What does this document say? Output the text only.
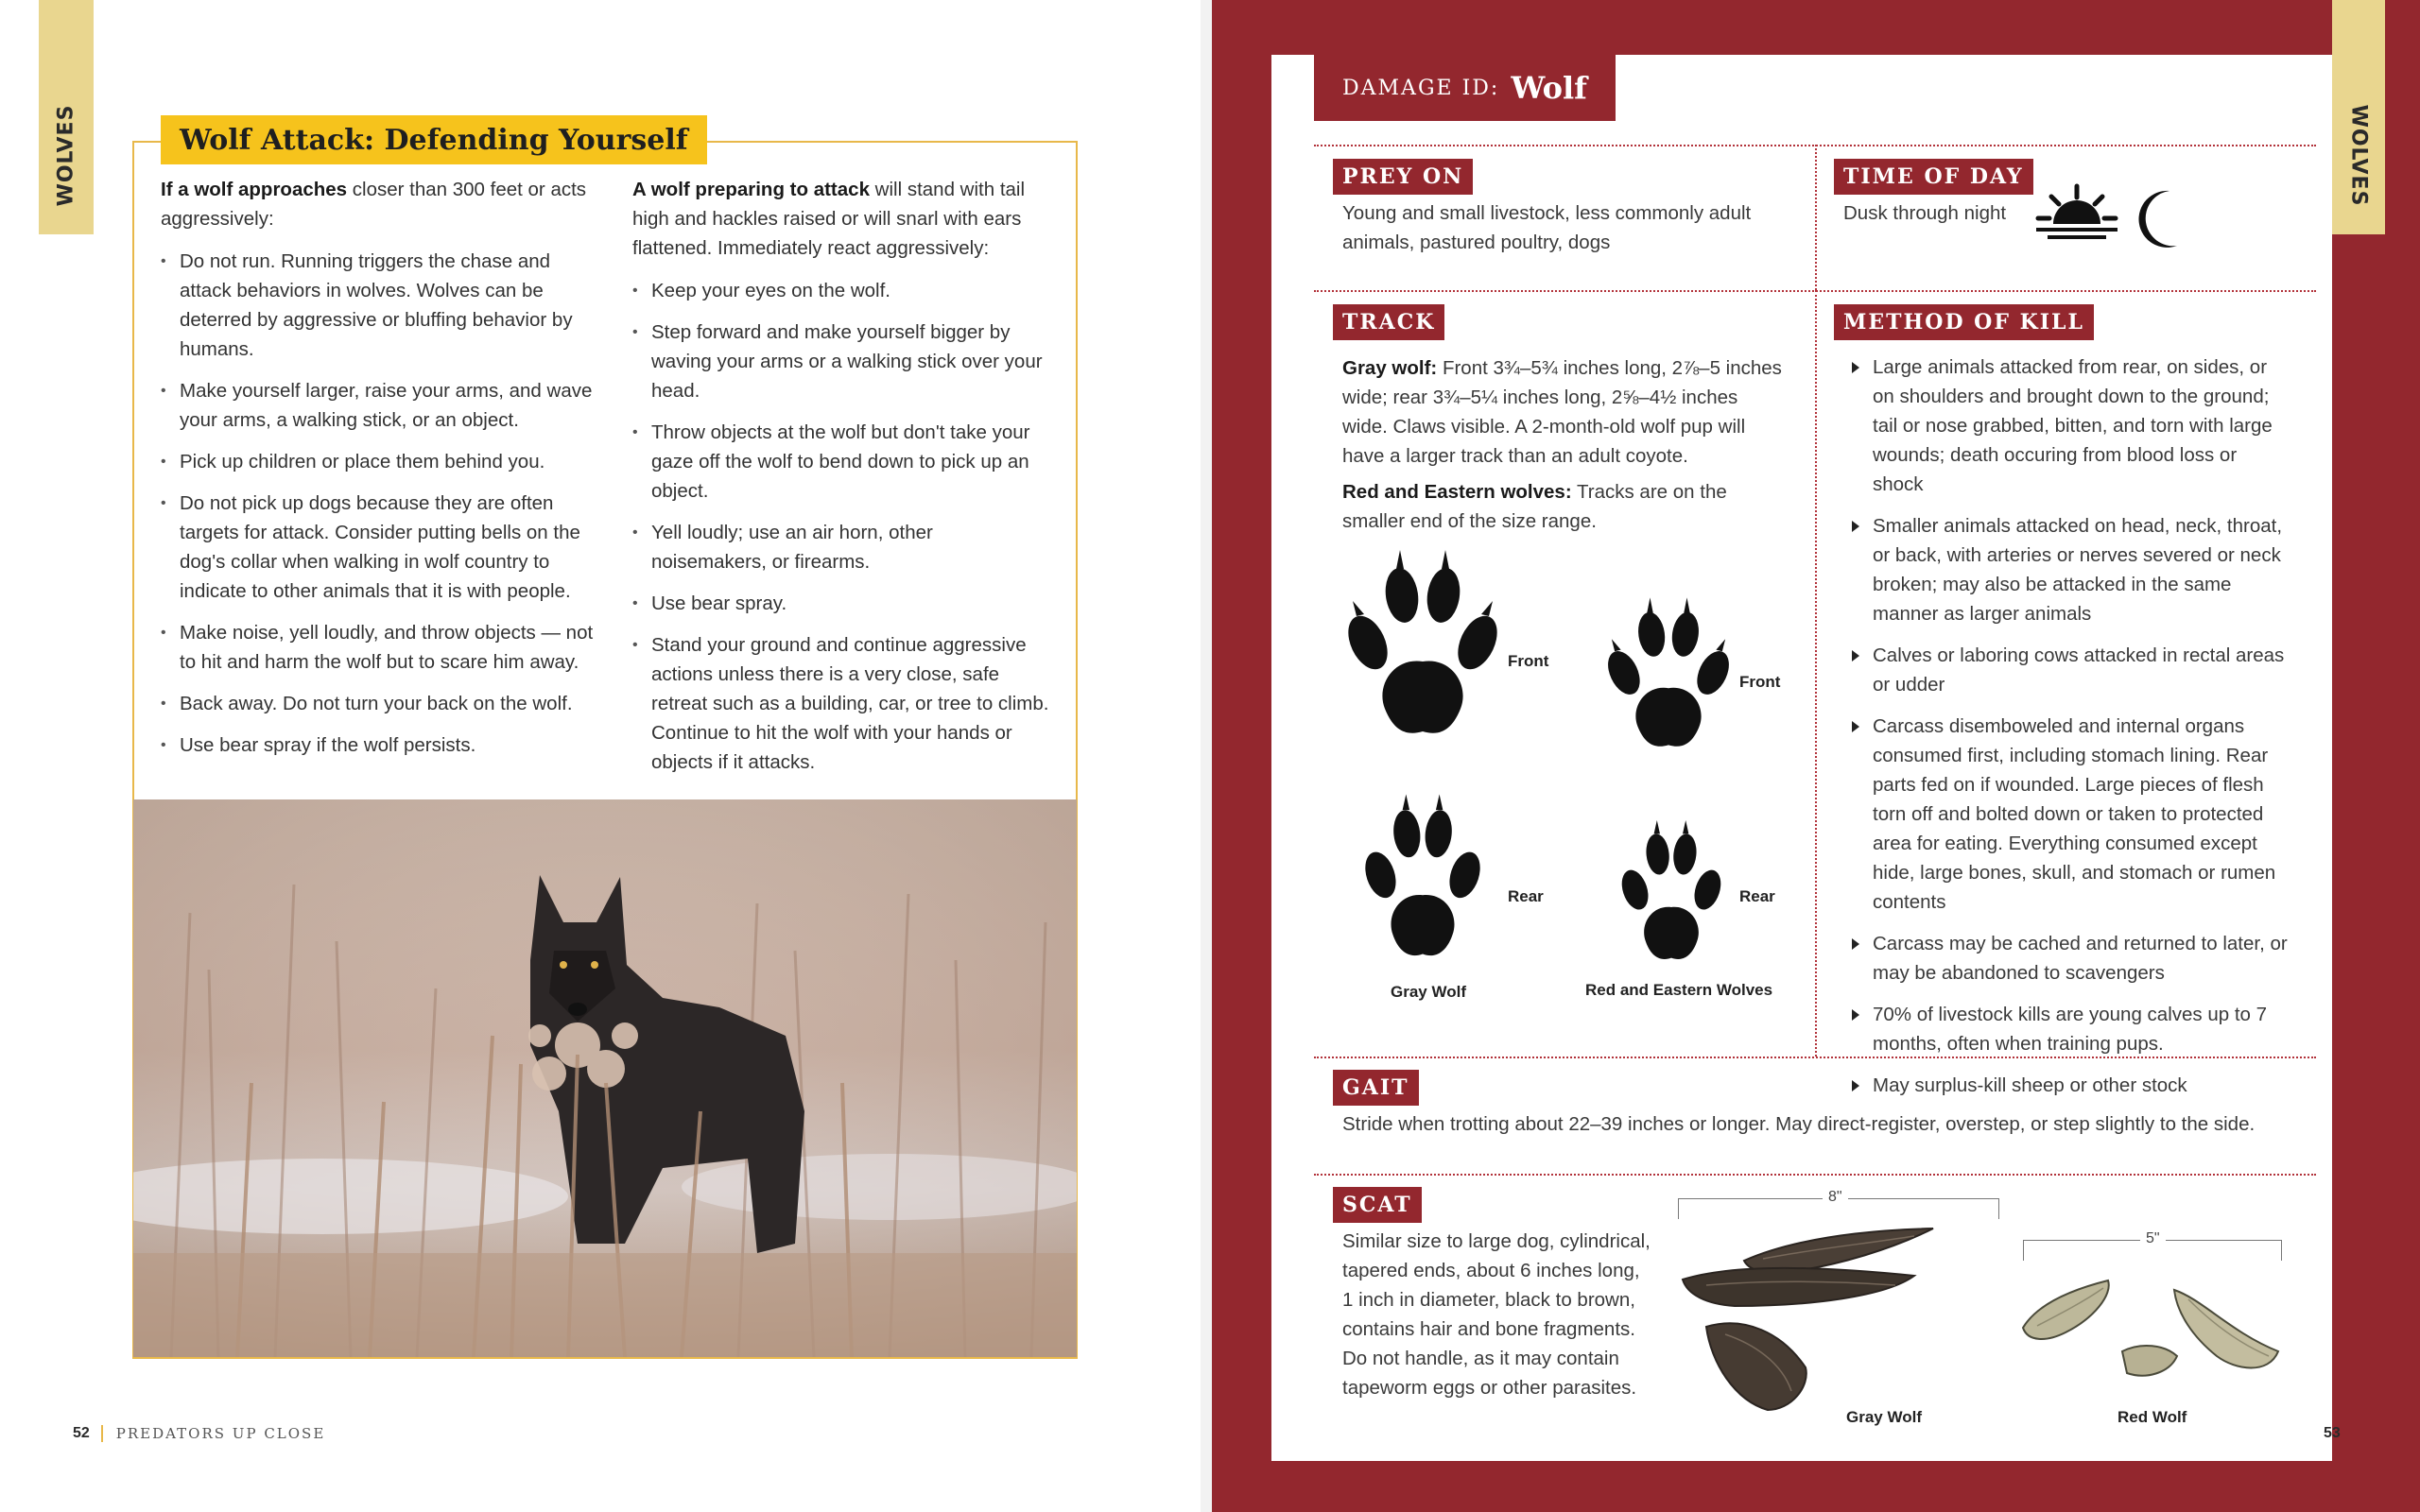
WOLVES	Wolf Attack: Defending Yourself

If a wolf approaches closer than 300 feet or acts aggressively:

• Do not run. Running triggers the chase and attack behaviors in wolves. Wolves can be deterred by aggressive or bluffing behavior by humans.
• Make yourself larger, raise your arms, and wave your arms, a walking stick, or an object.
• Pick up children or place them behind you.
• Do not pick up dogs because they are often targets for attack. Consider putting bells on the dog's collar when walking in wolf country to indicate to other animals that it is with people.
• Make noise, yell loudly, and throw objects — not to hit and harm the wolf but to scare him away.
• Back away. Do not turn your back on the wolf.
• Use bear spray if the wolf persists.

A wolf preparing to attack will stand with tail high and hackles raised or will snarl with ears flattened. Immediately react aggressively:

• Keep your eyes on the wolf.
• Step forward and make yourself bigger by waving your arms or a walking stick over your head.
• Throw objects at the wolf but don't take your gaze off the wolf to bend down to pick up an object.
• Yell loudly; use an air horn, other noisemakers, or firearms.
• Use bear spray.
• Stand your ground and continue aggressive actions unless there is a very close, safe retreat such as a building, car, or tree to climb. Continue to hit the wolf with your hands or objects if it attacks.
52 PREDATORS UP CLOSE
WOLVES
DAMAGE ID: Wolf
PREY ON
Young and small livestock, less commonly adult animals, pastured poultry, dogs
TIME OF DAY
Dusk through night
TRACK
Gray wolf: Front 3¾–5¾ inches long, 2⅞–5 inches wide; rear 3¾–5¼ inches long, 2⅝–4½ inches wide. Claws visible. A 2-month-old wolf pup will have a larger track than an adult coyote.
Red and Eastern wolves: Tracks are on the smaller end of the size range.
Front
Front
Rear	Rear
Gray Wolf	Red and Eastern Wolves
METHOD OF KILL
Large animals attacked from rear, on sides, or on shoulders and brought down to the ground; tail or nose grabbed, bitten, and torn with large wounds; death occuring from blood loss or shock
Smaller animals attacked on head, neck, throat, or back, with arteries or nerves severed or neck broken; may also be attacked in the same manner as larger animals
Calves or laboring cows attacked in rectal areas or udder
Carcass disemboweled and internal organs consumed first, including stomach lining. Rear parts fed on if wounded. Large pieces of flesh torn off and bolted down or taken to protected area for eating. Everything consumed except hide, large bones, skull, and stomach or rumen contents
Carcass may be cached and returned to later, or may be abandoned to scavengers
70% of livestock kills are young calves up to 7 months, often when training pups.
May surplus-kill sheep or other stock
GAIT
Stride when trotting about 22–39 inches or longer. May direct-register, overstep, or step slightly to the side.
SCAT
Similar size to large dog, cylindrical, tapered ends, about 6 inches long, 1 inch in diameter, black to brown, contains hair and bone fragments. Do not handle, as it may contain tapeworm eggs or other parasites.
8"
5"
Gray Wolf	Red Wolf
53
